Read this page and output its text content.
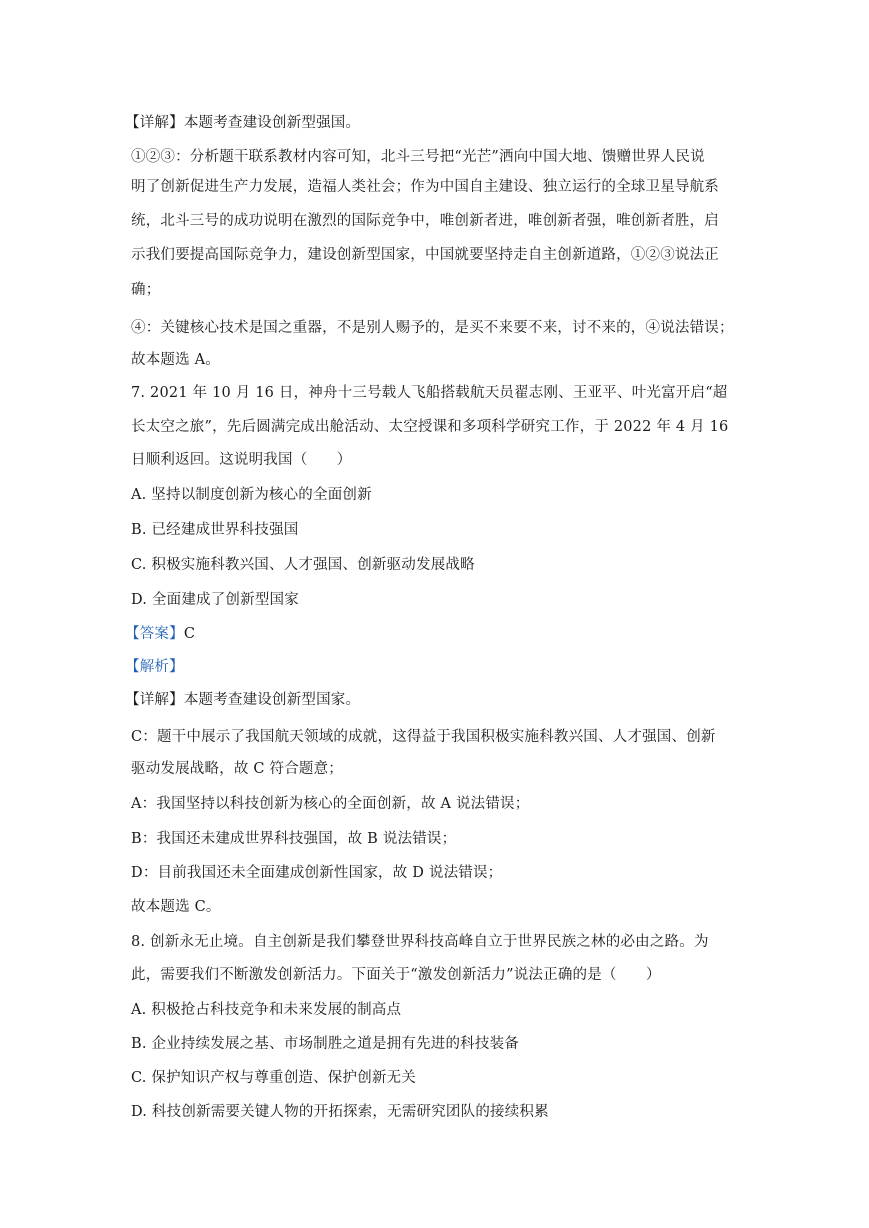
【详解】本题考查建设创新型强国。
①②③：分析题干联系教材内容可知，北斗三号把“光芒”洒向中国大地、馈赠世界人民说
明了创新促进生产力发展，造福人类社会；作为中国自主建设、独立运行的全球卫星导航系
统，北斗三号的成功说明在激烈的国际竞争中，唯创新者进，唯创新者强，唯创新者胜，启
示我们要提高国际竞争力，建设创新型国家，中国就要坚持走自主创新道路，①②③说法正
确；
④：关键核心技术是国之重器，不是别人赐予的，是买不来要不来，讨不来的，④说法错误；
故本题选 A。
7. 2021 年 10 月 16 日，神舟十三号载人飞船搭载航天员翟志刚、王亚平、叶光富开启“超
长太空之旅”，先后圆满完成出舱活动、太空授课和多项科学研究工作，于 2022 年 4 月 16
日顺利返回。这说明我国（　　）
A. 坚持以制度创新为核心的全面创新
B. 已经建成世界科技强国
C. 积极实施科教兴国、人才强国、创新驱动发展战略
D. 全面建成了创新型国家
【答案】C
【解析】
【详解】本题考查建设创新型国家。
C：题干中展示了我国航天领域的成就，这得益于我国积极实施科教兴国、人才强国、创新
驱动发展战略，故 C 符合题意；
A：我国坚持以科技创新为核心的全面创新，故 A 说法错误；
B：我国还未建成世界科技强国，故 B 说法错误；
D：目前我国还未全面建成创新性国家，故 D 说法错误；
故本题选 C。
8. 创新永无止境。自主创新是我们攀登世界科技高峰自立于世界民族之林的必由之路。为
此，需要我们不断激发创新活力。下面关于“激发创新活力”说法正确的是（　　）
A. 积极抢占科技竞争和未来发展的制高点
B. 企业持续发展之基、市场制胜之道是拥有先进的科技装备
C. 保护知识产权与尊重创造、保护创新无关
D. 科技创新需要关键人物的开拓探索，无需研究团队的接续积累
